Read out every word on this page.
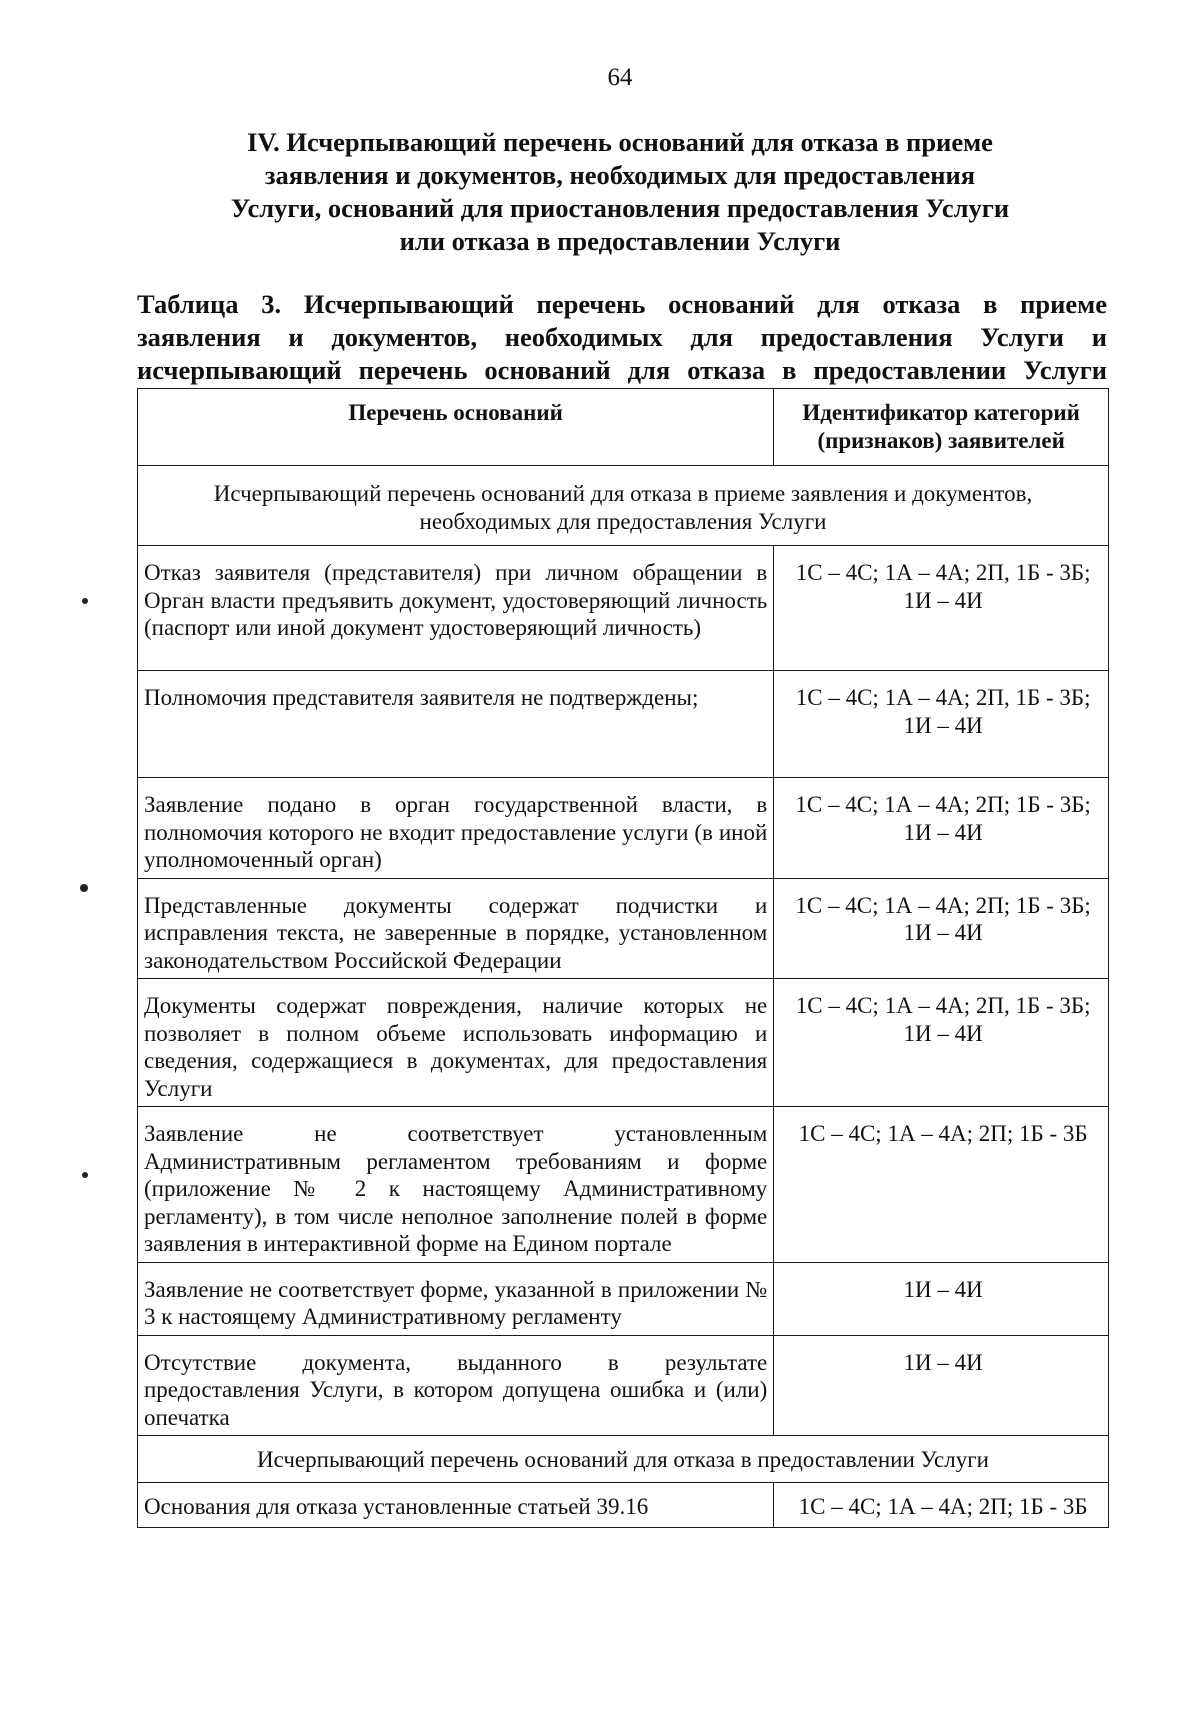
64
IV. Исчерпывающий перечень оснований для отказа в приеме
заявления и документов, необходимых для предоставления
Услуги, оснований для приостановления предоставления Услуги
или отказа в предоставлении Услуги
Таблица 3. Исчерпывающий перечень оснований для отказа в приеме
заявления и документов, необходимых для предоставления Услуги и
исчерпывающий перечень оснований для отказа в предоставлении Услуги
Перечень оснований	Идентификатор категорий
(признаков) заявителей

Исчерпывающий перечень оснований для отказа в приеме заявления и документов,
необходимых для предоставления Услуги	

Отказ заявителя (представителя) при личном обращении в Орган власти предъявить документ, удостоверяющий личность (паспорт или иной документ удостоверяющий личность)	1С – 4С; 1А – 4А; 2П, 1Б - 3Б;
1И – 4И

Полномочия представителя заявителя не подтверждены;	1С – 4С; 1А – 4А; 2П, 1Б - 3Б;
1И – 4И

Заявление подано в орган государственной власти, в полномочия которого не входит предоставление услуги (в иной уполномоченный орган)	1С – 4С; 1А – 4А; 2П; 1Б - 3Б;
1И – 4И

Представленные документы содержат подчистки и исправления текста, не заверенные в порядке, установленном законодательством Российской Федерации	1С – 4С; 1А – 4А; 2П; 1Б - 3Б;
1И – 4И

Документы содержат повреждения, наличие которых не позволяет в полном объеме использовать информацию и сведения, содержащиеся в документах, для предоставления Услуги	1С – 4С; 1А – 4А; 2П, 1Б - 3Б;
1И – 4И

Заявление не соответствует установленным Административным регламентом требованиям и форме (приложение № 2 к настоящему Административному регламенту), в том числе неполное заполнение полей в форме заявления в интерактивной форме на Едином портале	1С – 4С; 1А – 4А; 2П; 1Б - 3Б

Заявление не соответствует форме, указанной в приложении № 3 к настоящему Административному регламенту	1И – 4И

Отсутствие документа, выданного в результате предоставления Услуги, в котором допущена ошибка и (или) опечатка	1И – 4И

Исчерпывающий перечень оснований для отказа в предоставлении Услуги	

Основания для отказа установленные статьей 39.16	1С – 4С; 1А – 4А; 2П; 1Б - 3Б
